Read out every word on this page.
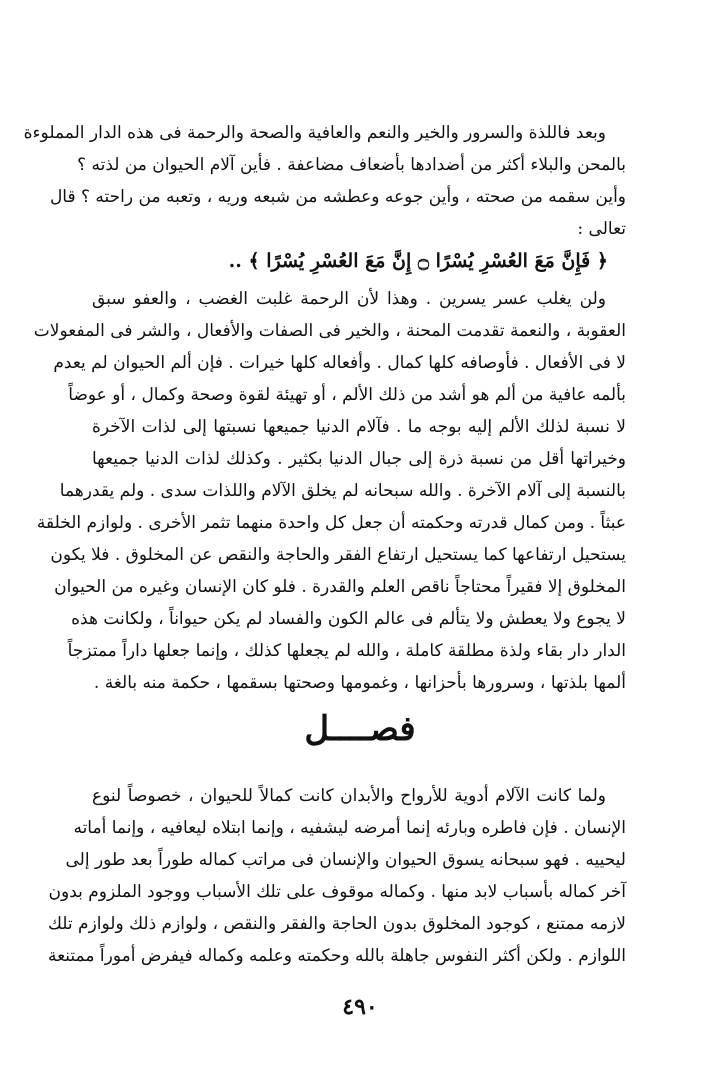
وبعد فاللذة والسرور والخير والنعم والعافية والصحة والرحمة فى هذه الدار المملوءة
بالمحن والبلاء أكثر من أضدادها بأضعاف مضاعفة . فأين آلام الحيوان من لذته ؟
وأين سقمه من صحته ، وأين جوعه وعطشه من شبعه وريه ، وتعبه من راحته ؟ قال
تعالى :
﴿ فَإِنَّ مَعَ العُسْرِ يُسْرًا ۝ إِنَّ مَعَ العُسْرِ يُسْرًا ﴾ ..
ولن يغلب عسر يسرين . وهذا لأن الرحمة غلبت الغضب ، والعفو سبق
العقوبة ، والنعمة تقدمت المحنة ، والخير فى الصفات والأفعال ، والشر فى المفعولات
لا فى الأفعال . فأوصافه كلها كمال . وأفعاله كلها خيرات . فإن ألم الحيوان لم يعدم
بألمه عافية من ألم هو أشد من ذلك الألم ، أو تهيئة لقوة وصحة وكمال ، أو عوضاً
لا نسبة لذلك الألم إليه بوجه ما . فآلام الدنيا جميعها نسبتها إلى لذات الآخرة
وخيراتها أقل من نسبة ذرة إلى جبال الدنيا بكثير . وكذلك لذات الدنيا جميعها
بالنسبة إلى آلام الآخرة . والله سبحانه لم يخلق الآلام واللذات سدى . ولم يقدرهما
عبثاً . ومن كمال قدرته وحكمته أن جعل كل واحدة منهما تثمر الأخرى . ولوازم الخلقة
يستحيل ارتفاعها كما يستحيل ارتفاع الفقر والحاجة والنقص عن المخلوق . فلا يكون
المخلوق إلا فقيراً محتاجاً ناقص العلم والقدرة . فلو كان الإنسان وغيره من الحيوان
لا يجوع ولا يعطش ولا يتألم فى عالم الكون والفساد لم يكن حيواناً ، ولكانت هذه
الدار دار بقاء ولذة مطلقة كاملة ، والله لم يجعلها كذلك ، وإنما جعلها داراً ممتزجاً
ألمها بلذتها ، وسرورها بأحزانها ، وغمومها وصحتها بسقمها ، حكمة منه بالغة .
فصــــل
ولما كانت الآلام أدوية للأرواح والأبدان كانت كمالاً للحيوان ، خصوصاً لنوع
الإنسان . فإن فاطره وبارئه إنما أمرضه ليشفيه ، وإنما ابتلاه ليعافيه ، وإنما أماته
ليحييه . فهو سبحانه يسوق الحيوان والإنسان فى مراتب كماله طوراً بعد طور إلى
آخر كماله بأسباب لابد منها . وكماله موقوف على تلك الأسباب ووجود الملزوم بدون
لازمه ممتنع ، كوجود المخلوق بدون الحاجة والفقر والنقص ، ولوازم ذلك ولوازم تلك
اللوازم . ولكن أكثر النفوس جاهلة بالله وحكمته وعلمه وكماله فيفرض أموراً ممتنعة
٤٩٠
